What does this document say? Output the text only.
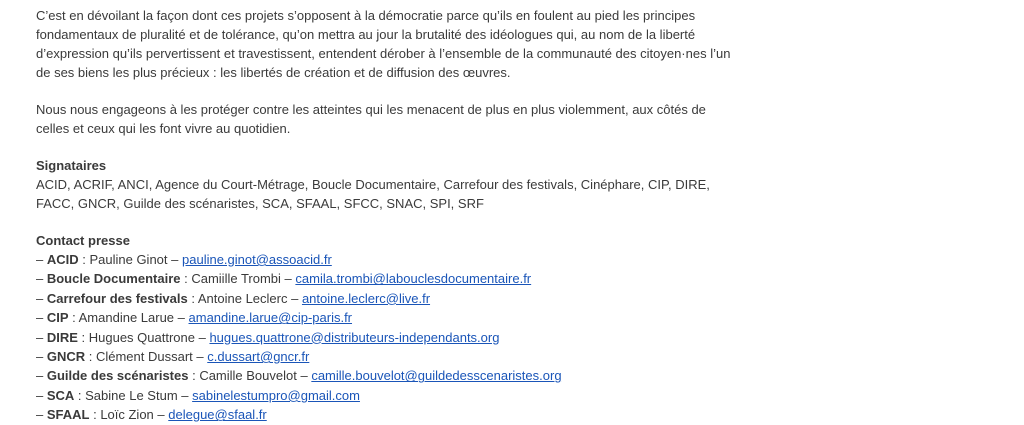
C’est en dévoilant la façon dont ces projets s’opposent à la démocratie parce qu’ils en foulent au pied les principes fondamentaux de pluralité et de tolérance, qu’on mettra au jour la brutalité des idéologues qui, au nom de la liberté d’expression qu’ils pervertissent et travestissent, entendent dérober à l’ensemble de la communauté des citoyen·nes l’un de ses biens les plus précieux : les libertés de création et de diffusion des œuvres.

Nous nous engageons à les protéger contre les atteintes qui les menacent de plus en plus violemment, aux côtés de celles et ceux qui les font vivre au quotidien.

Signataires
ACID, ACRIF, ANCI, Agence du Court-Métrage, Boucle Documentaire, Carrefour des festivals, Cinéphare, CIP, DIRE, FACC, GNCR, Guilde des scénaristes, SCA, SFAAL, SFCC, SNAC, SPI, SRF
Contact presse
– ACID : Pauline Ginot – pauline.ginot@assoacid.fr
– Boucle Documentaire : Camiille Trombi – camila.trombi@labouclesdocumentaire.fr
– Carrefour des festivals : Antoine Leclerc – antoine.leclerc@live.fr
– CIP : Amandine Larue – amandine.larue@cip-paris.fr
– DIRE : Hugues Quattrone – hugues.quattrone@distributeurs-independants.org
– GNCR : Clément Dussart – c.dussart@gncr.fr
– Guilde des scénaristes : Camille Bouvelot – camille.bouvelot@guildedesscenaristes.org
– SCA : Sabine Le Stum – sabinelestumpro@gmail.com
– SFAAL : Loïc Zion – delegue@sfaal.fr
